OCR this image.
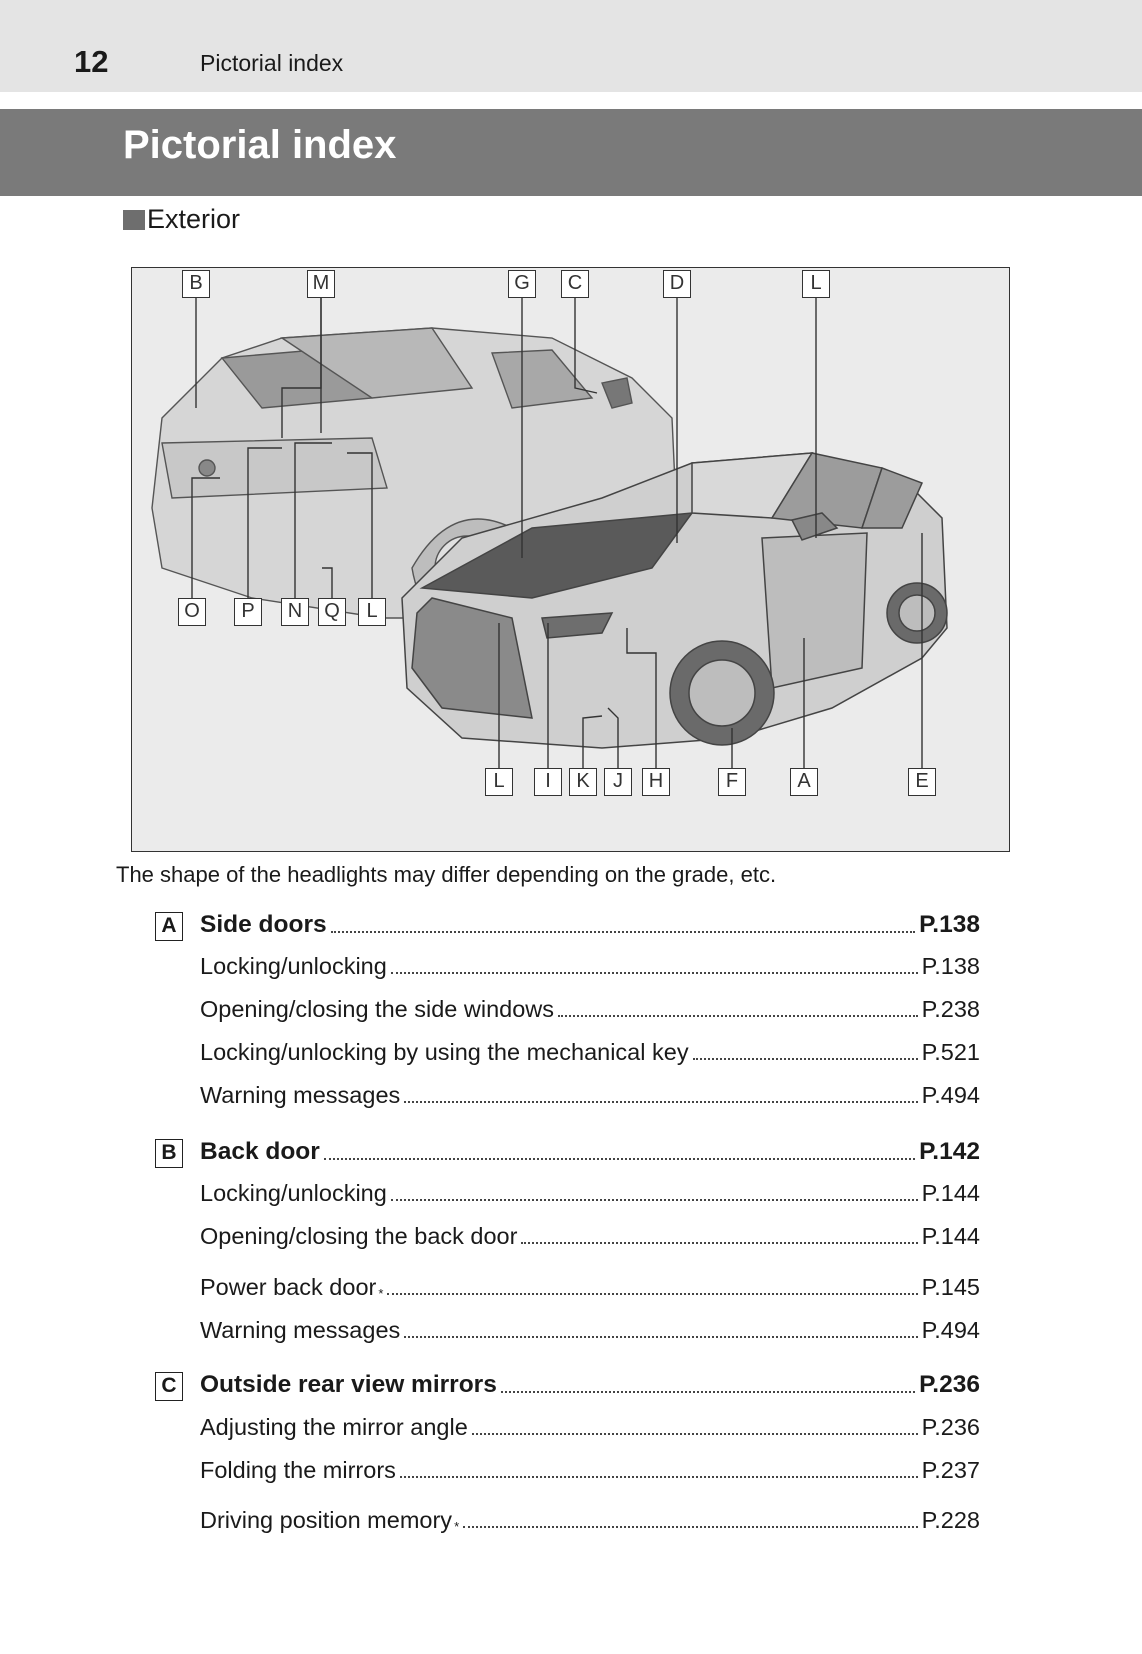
12	Pictorial index
Pictorial index
Exterior
B	M	G	C	D	L
O	P	N	Q	L
L	I	K	J	H	F	A	E
The shape of the headlights may differ depending on the grade, etc.
A Side doors	P.138
Locking/unlocking	P.138
Opening/closing the side windows	P.238
Locking/unlocking by using the mechanical key	P.521
Warning messages	P.494
B Back door	P.142
Locking/unlocking	P.144
Opening/closing the back door	P.144
Power back door$_*$	P.145
Warning messages	P.494
C Outside rear view mirrors	P.236
Adjusting the mirror angle	P.236
Folding the mirrors	P.237
Driving position memory$_*$	P.228
